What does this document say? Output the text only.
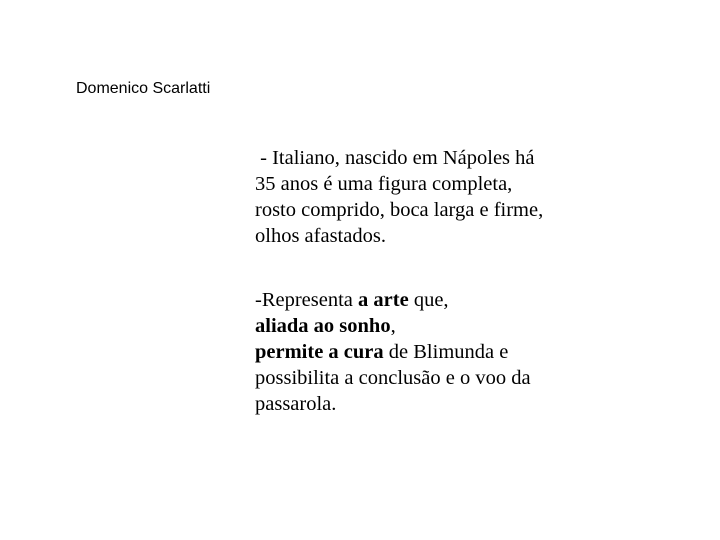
Domenico Scarlatti
- Italiano, nascido em Nápoles há
35 anos é uma figura completa,
rosto comprido, boca larga e firme,
olhos afastados.
-Representa a arte que,
aliada ao sonho,
permite a cura de Blimunda e
possibilita a conclusão e o voo da
passarola.
